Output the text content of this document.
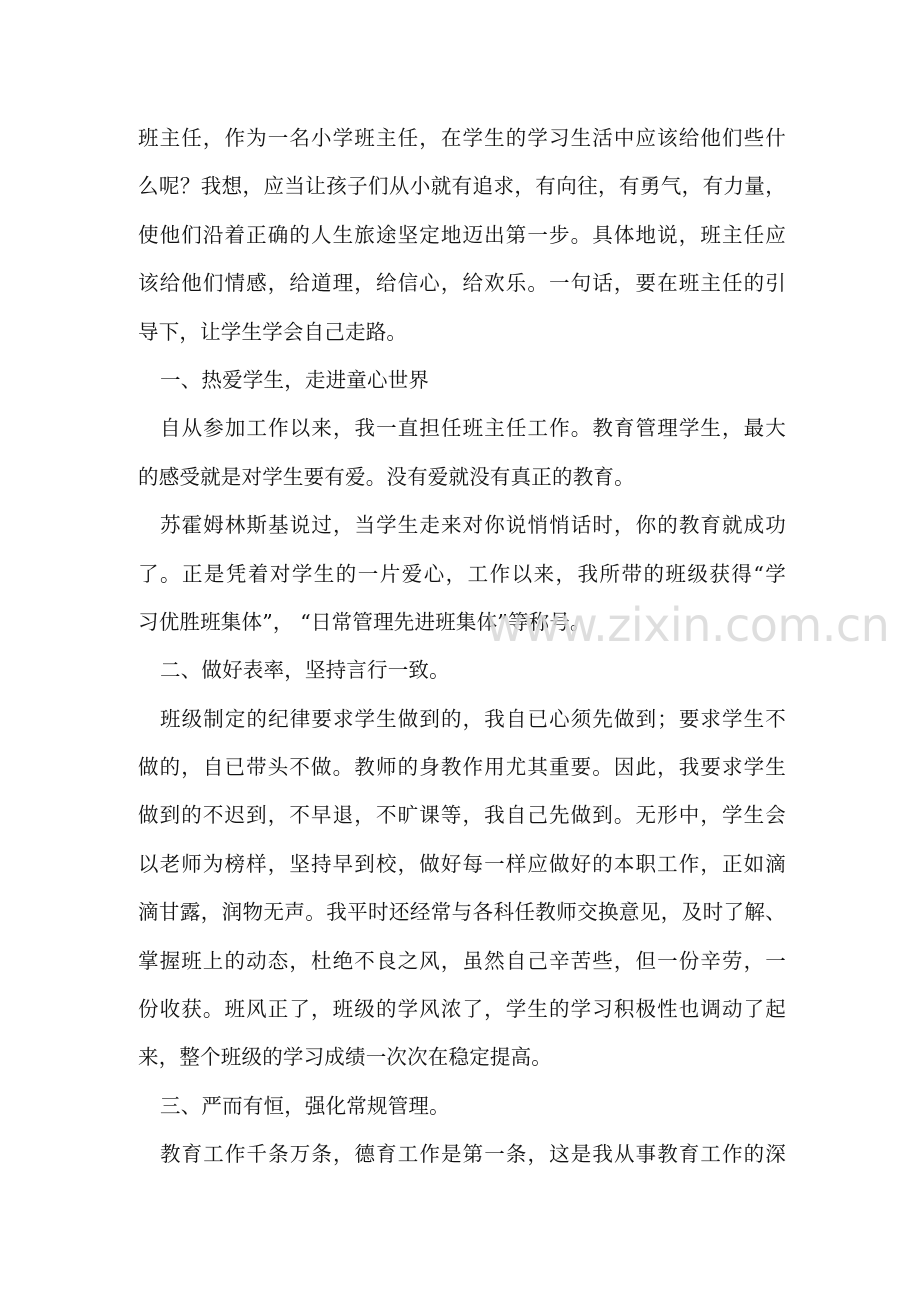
班主任，作为一名小学班主任，在学生的学习生活中应该给他们些什
么呢？我想，应当让孩子们从小就有追求，有向往，有勇气，有力量，
使他们沿着正确的人生旅途坚定地迈出第一步。具体地说，班主任应
该给他们情感，给道理，给信心，给欢乐。一句话，要在班主任的引
导下，让学生学会自己走路。
一、热爱学生，走进童心世界
自从参加工作以来，我一直担任班主任工作。教育管理学生，最大
的感受就是对学生要有爱。没有爱就没有真正的教育。
苏霍姆林斯基说过，当学生走来对你说悄悄话时，你的教育就成功
了。正是凭着对学生的一片爱心，工作以来，我所带的班级获得“学
习优胜班集体”， “日常管理先进班集体”等称号。
二、做好表率，坚持言行一致。
班级制定的纪律要求学生做到的，我自已心须先做到；要求学生不
做的，自已带头不做。教师的身教作用尤其重要。因此，我要求学生
做到的不迟到，不早退，不旷课等，我自己先做到。无形中，学生会
以老师为榜样，坚持早到校，做好每一样应做好的本职工作，正如滴
滴甘露，润物无声。我平时还经常与各科任教师交换意见，及时了解、
掌握班上的动态，杜绝不良之风，虽然自己辛苦些，但一份辛劳，一
份收获。班风正了，班级的学风浓了，学生的学习积极性也调动了起
来，整个班级的学习成绩一次次在稳定提高。
三、严而有恒，强化常规管理。
教育工作千条万条，德育工作是第一条，这是我从事教育工作的深
www.zixin.com.cn
